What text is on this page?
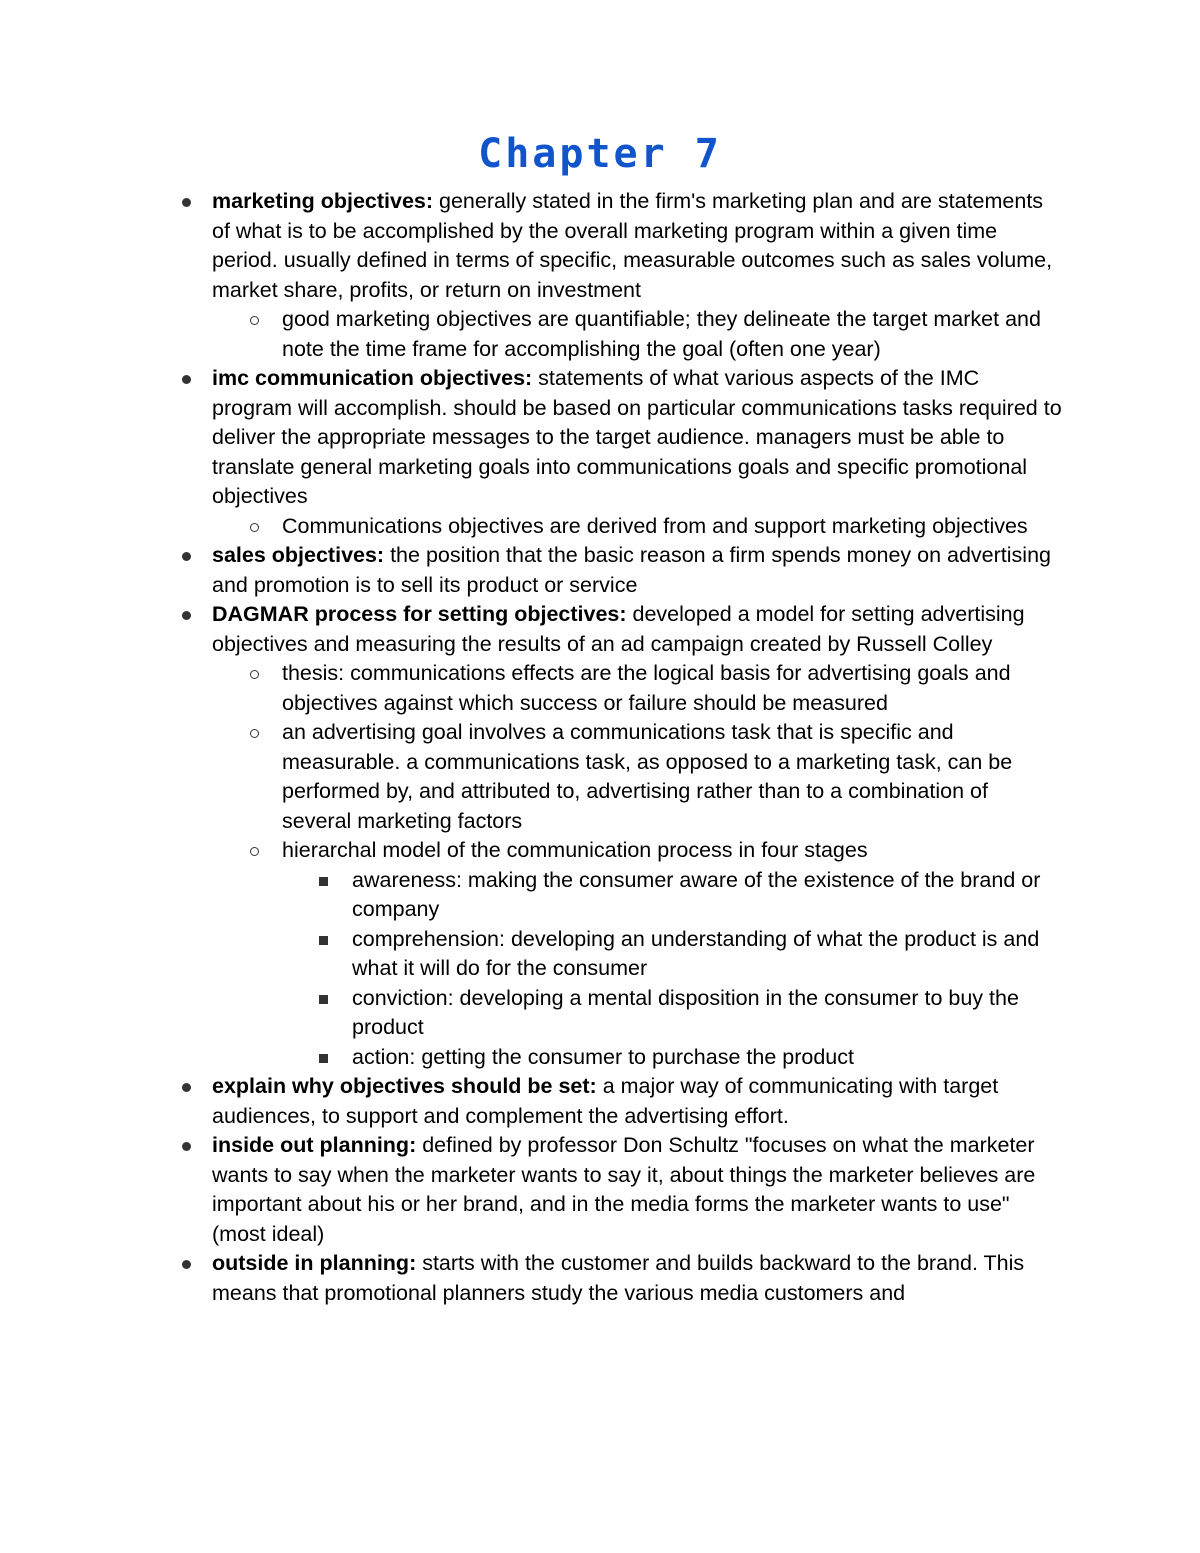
Chapter 7
marketing objectives: generally stated in the firm's marketing plan and are statements of what is to be accomplished by the overall marketing program within a given time period. usually defined in terms of specific, measurable outcomes such as sales volume, market share, profits, or return on investment
good marketing objectives are quantifiable; they delineate the target market and note the time frame for accomplishing the goal (often one year)
imc communication objectives: statements of what various aspects of the IMC program will accomplish. should be based on particular communications tasks required to deliver the appropriate messages to the target audience. managers must be able to translate general marketing goals into communications goals and specific promotional objectives
Communications objectives are derived from and support marketing objectives
sales objectives: the position that the basic reason a firm spends money on advertising and promotion is to sell its product or service
DAGMAR process for setting objectives: developed a model for setting advertising objectives and measuring the results of an ad campaign created by Russell Colley
thesis: communications effects are the logical basis for advertising goals and objectives against which success or failure should be measured
an advertising goal involves a communications task that is specific and measurable. a communications task, as opposed to a marketing task, can be performed by, and attributed to, advertising rather than to a combination of several marketing factors
hierarchal model of the communication process in four stages
awareness: making the consumer aware of the existence of the brand or company
comprehension: developing an understanding of what the product is and what it will do for the consumer
conviction: developing a mental disposition in the consumer to buy the product
action: getting the consumer to purchase the product
explain why objectives should be set: a major way of communicating with target audiences, to support and complement the advertising effort.
inside out planning: defined by professor Don Schultz "focuses on what the marketer wants to say when the marketer wants to say it, about things the marketer believes are important about his or her brand, and in the media forms the marketer wants to use" (most ideal)
outside in planning: starts with the customer and builds backward to the brand. This means that promotional planners study the various media customers and
